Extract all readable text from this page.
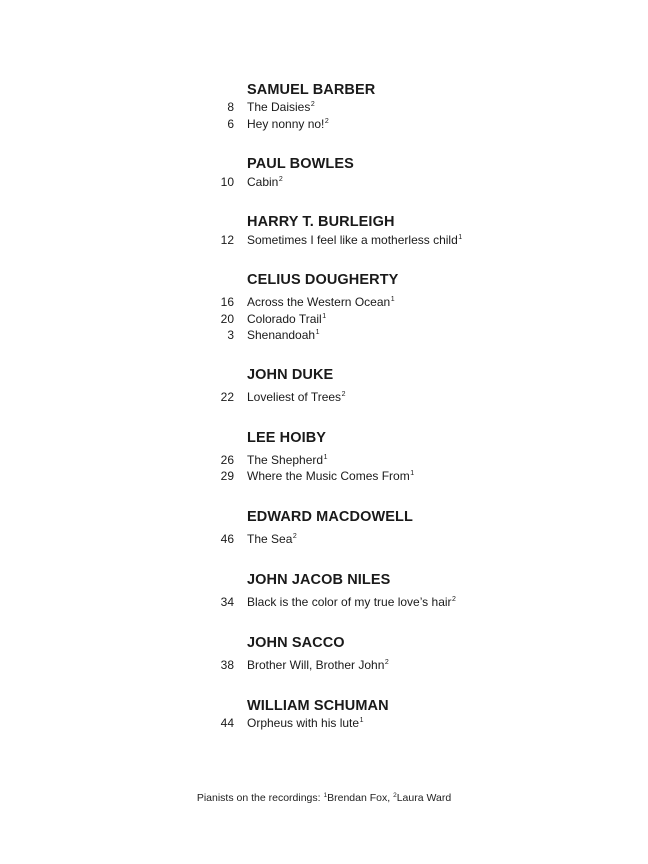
SAMUEL BARBER
8 The Daisies$^2$
6 Hey nonny no!$^2$
PAUL BOWLES
10 Cabin$^2$
HARRY T. BURLEIGH
12 Sometimes I feel like a motherless child$^1$
CELIUS DOUGHERTY
16 Across the Western Ocean$^1$
20 Colorado Trail$^1$
3 Shenandoah$^1$
JOHN DUKE
22 Loveliest of Trees$^2$
LEE HOIBY
26 The Shepherd$^1$
29 Where the Music Comes From$^1$
EDWARD MACDOWELL
46 The Sea$^2$
JOHN JACOB NILES
34 Black is the color of my true love’s hair$^2$
JOHN SACCO
38 Brother Will, Brother John$^2$
WILLIAM SCHUMAN
44 Orpheus with his lute$^1$
Pianists on the recordings: $^1$Brendan Fox, $^2$Laura Ward
